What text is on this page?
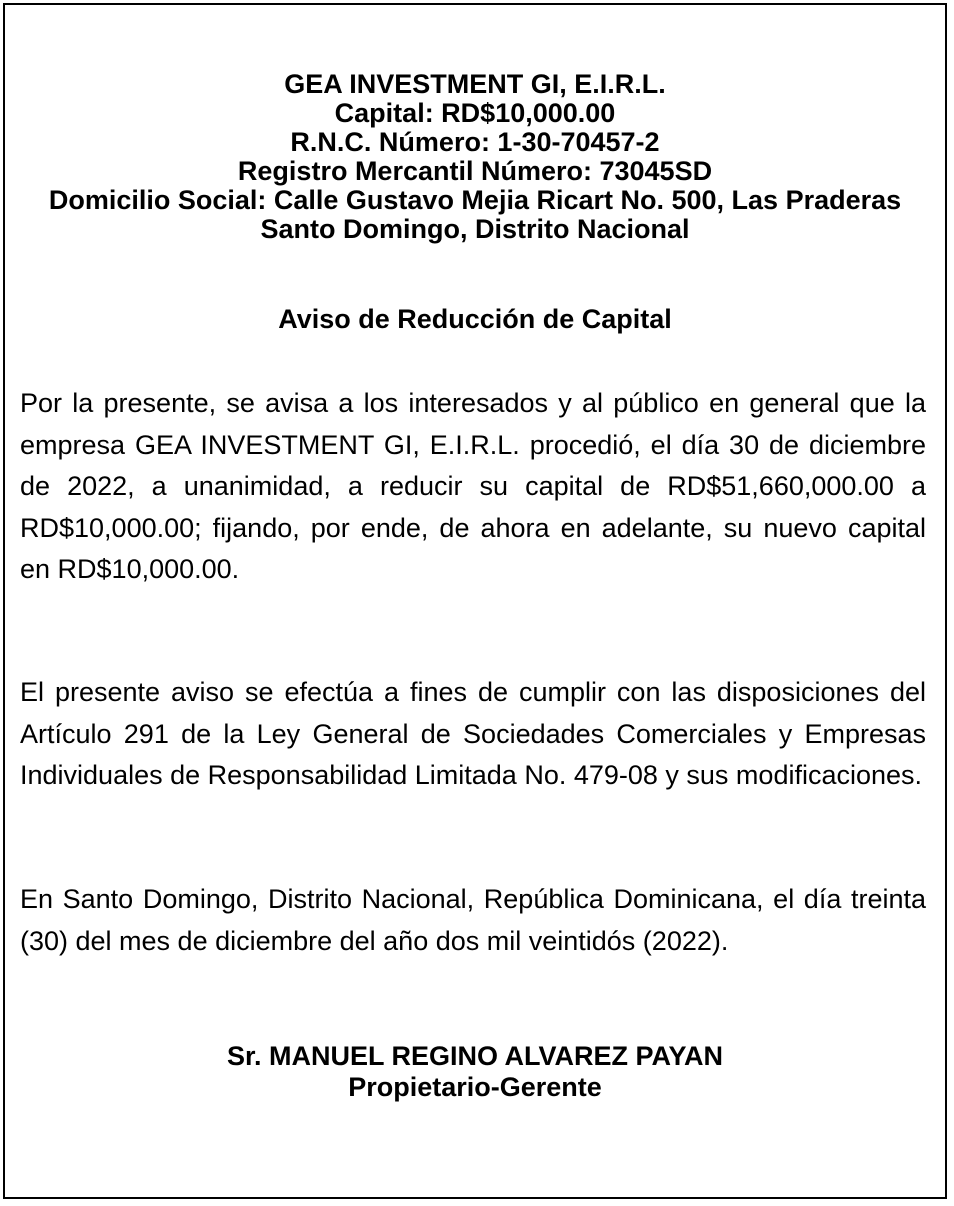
GEA INVESTMENT GI, E.I.R.L.
Capital: RD$10,000.00
R.N.C. Número: 1-30-70457-2
Registro Mercantil Número: 73045SD
Domicilio Social: Calle Gustavo Mejia Ricart No. 500, Las Praderas
Santo Domingo, Distrito Nacional
Aviso de Reducción de Capital

Por la presente, se avisa a los interesados y al público en general que la empresa GEA INVESTMENT GI, E.I.R.L. procedió, el día 30 de diciembre de 2022, a unanimidad, a reducir su capital de RD$51,660,000.00 a RD$10,000.00; fijando, por ende, de ahora en adelante, su nuevo capital en RD$10,000.00.

El presente aviso se efectúa a fines de cumplir con las disposiciones del Artículo 291 de la Ley General de Sociedades Comerciales y Empresas Individuales de Responsabilidad Limitada No. 479-08 y sus modificaciones.

En Santo Domingo, Distrito Nacional, República Dominicana, el día treinta (30) del mes de diciembre del año dos mil veintidós (2022).

Sr. MANUEL REGINO ALVAREZ PAYAN
Propietario-Gerente
